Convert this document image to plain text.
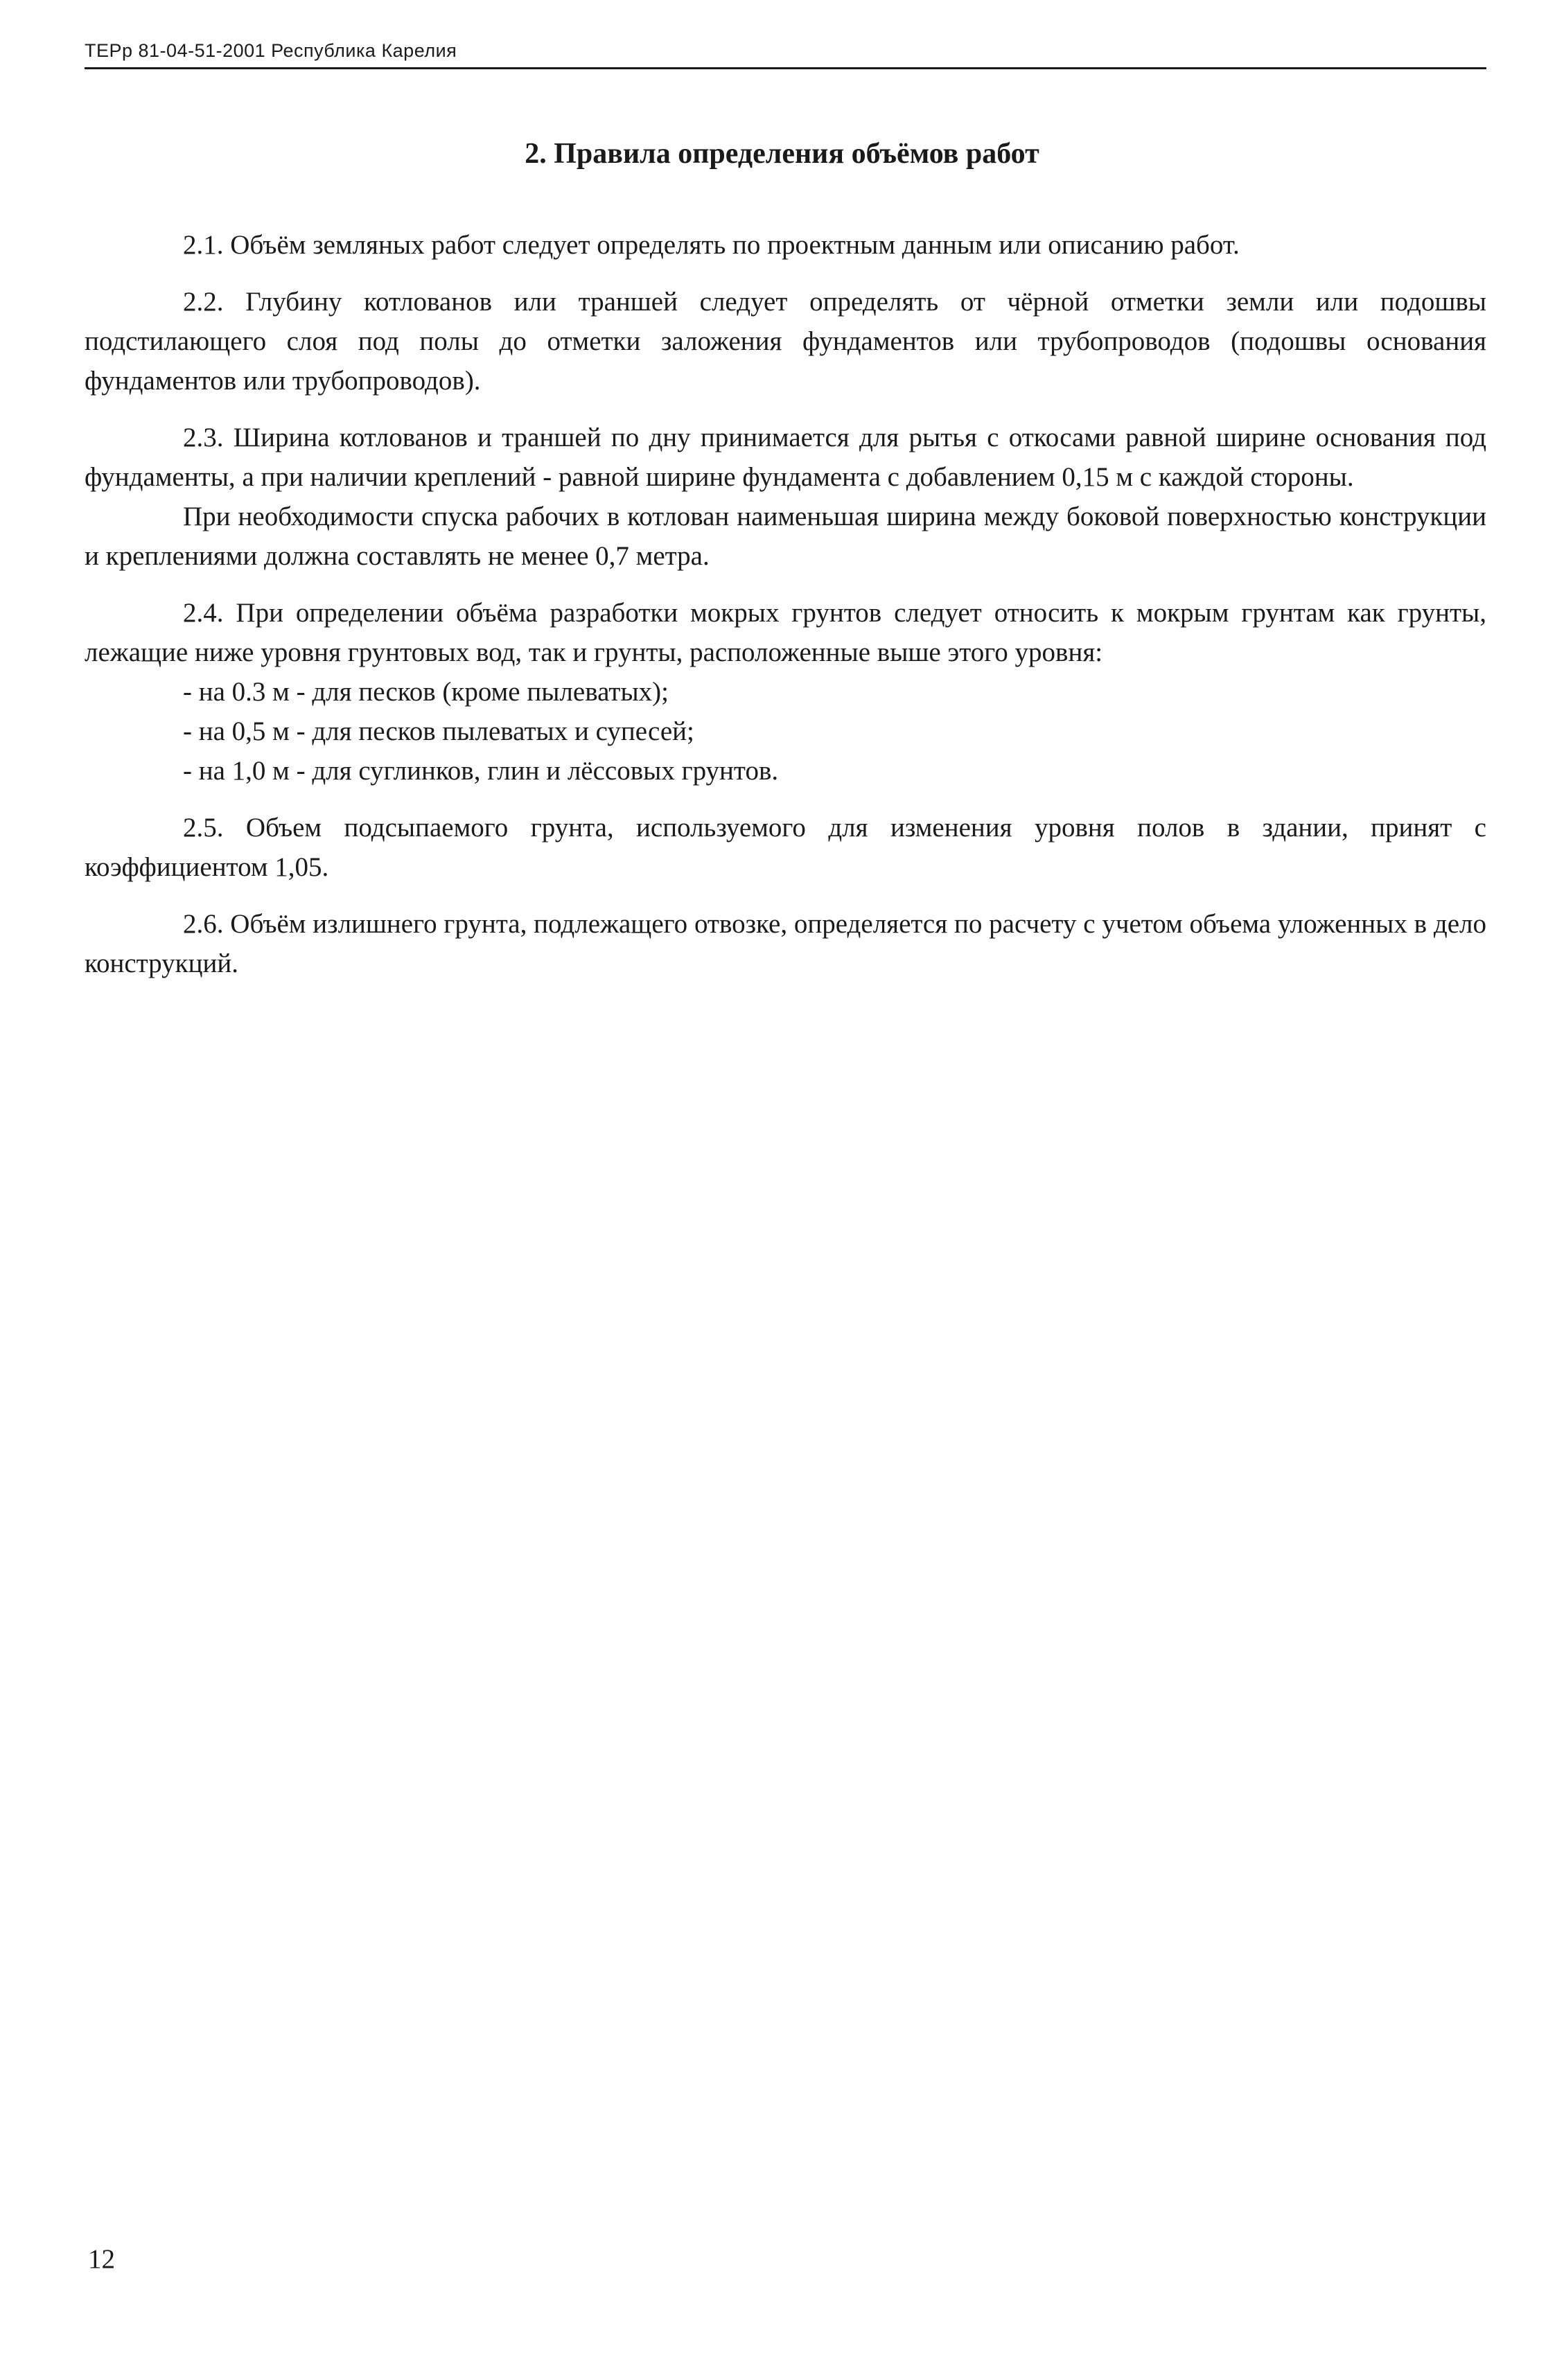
ТЕРр 81-04-51-2001 Республика Карелия
2. Правила определения объёмов работ

2.1. Объём земляных работ следует определять по проектным данным или описанию работ.

2.2. Глубину котлованов или траншей следует определять от чёрной отметки земли или подошвы подстилающего слоя под полы до отметки заложения фундаментов или трубопроводов (подошвы основания фундаментов или трубопроводов).

2.3. Ширина котлованов и траншей по дну принимается для рытья с откосами равной ширине основания под фундаменты, а при наличии креплений - равной ширине фундамента с добавлением 0,15 м с каждой стороны.

При необходимости спуска рабочих в котлован наименьшая ширина между боковой поверхностью конструкции и креплениями должна составлять не менее 0,7 метра.

2.4. При определении объёма разработки мокрых грунтов следует относить к мокрым грунтам как грунты, лежащие ниже уровня грунтовых вод, так и грунты, расположенные выше этого уровня:

- на 0.3 м - для песков (кроме пылеватых);

- на 0,5 м - для песков пылеватых и супесей;

- на 1,0 м - для суглинков, глин и лёссовых грунтов.

2.5. Объем подсыпаемого грунта, используемого для изменения уровня полов в здании, принят с коэффициентом 1,05.

2.6. Объём излишнего грунта, подлежащего отвозке, определяется по расчету с учетом объема уложенных в дело конструкций.

12
